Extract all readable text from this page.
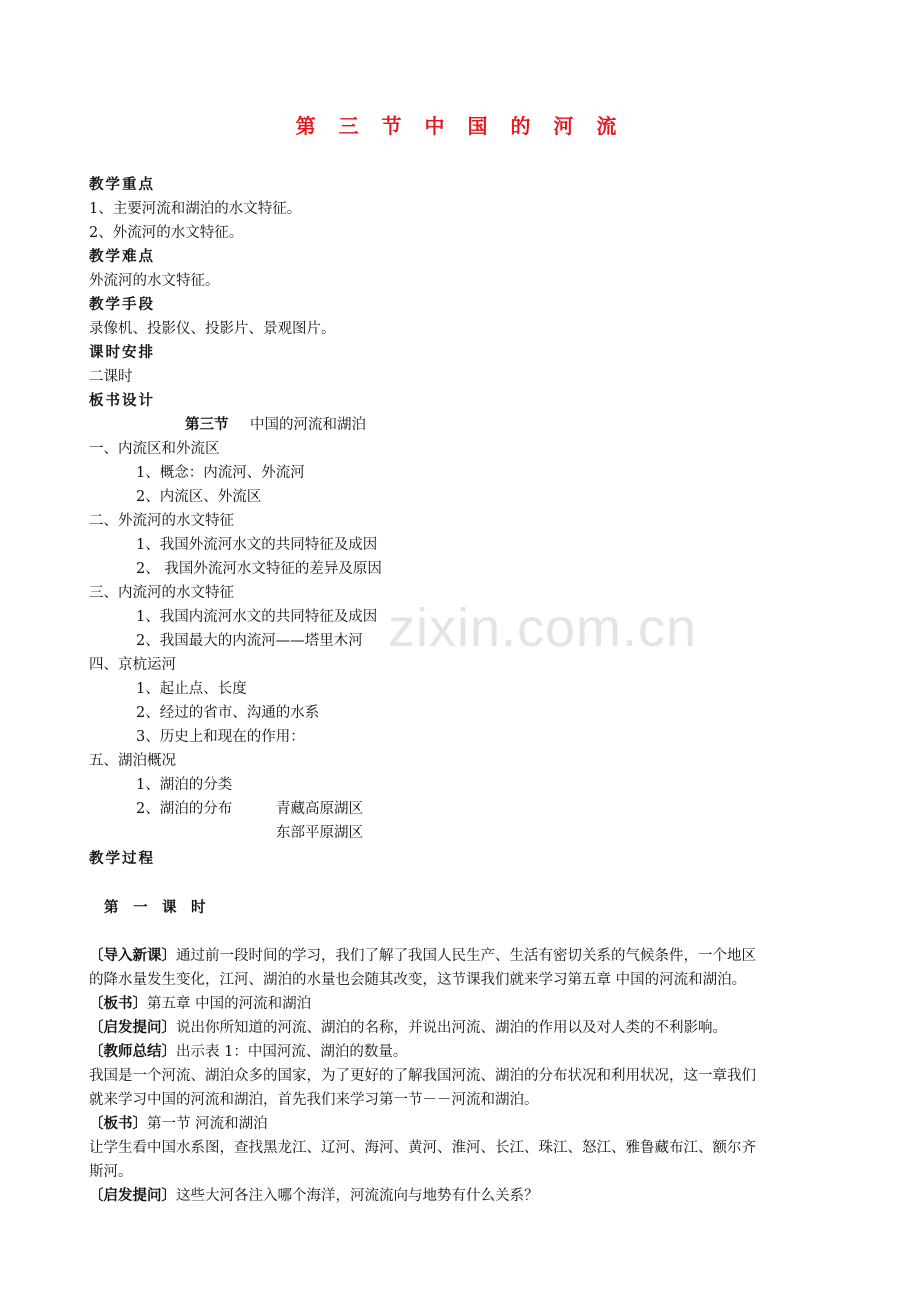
zixin.com.cn
第 三 节 中 国 的 河 流
教学重点
1、主要河流和湖泊的水文特征。
2、外流河的水文特征。
教学难点
外流河的水文特征。
教学手段
录像机、投影仪、投影片、景观图片。
课时安排
二课时
板书设计
第三节 中国的河流和湖泊
一、内流区和外流区
1、概念：内流河、外流河
2、内流区、外流区
二、外流河的水文特征
1、我国外流河水文的共同特征及成因
2、 我国外流河水文特征的差异及原因
三、内流河的水文特征
1、我国内流河水文的共同特征及成因
2、我国最大的内流河——塔里木河
四、京杭运河
1、起止点、长度
2、经过的省市、沟通的水系
3、历史上和现在的作用：
五、湖泊概况
1、湖泊的分类
2、湖泊的分布	青藏高原湖区
东部平原湖区
教学过程
第　一　课　时
〔导入新课〕通过前一段时间的学习，我们了解了我国人民生产、生活有密切关系的气候条件，一个地区
的降水量发生变化，江河、湖泊的水量也会随其改变，这节课我们就来学习第五章 中国的河流和湖泊。
〔板书〕第五章 中国的河流和湖泊
〔启发提问〕说出你所知道的河流、湖泊的名称，并说出河流、湖泊的作用以及对人类的不利影响。
〔教师总结〕出示表 1：中国河流、湖泊的数量。
我国是一个河流、湖泊众多的国家，为了更好的了解我国河流、湖泊的分布状况和利用状况，这一章我们
就来学习中国的河流和湖泊，首先我们来学习第一节－－河流和湖泊。
〔板书〕第一节 河流和湖泊
让学生看中国水系图，查找黑龙江、辽河、海河、黄河、淮河、长江、珠江、怒江、雅鲁藏布江、额尔齐
斯河。
〔启发提问〕这些大河各注入哪个海洋，河流流向与地势有什么关系？
